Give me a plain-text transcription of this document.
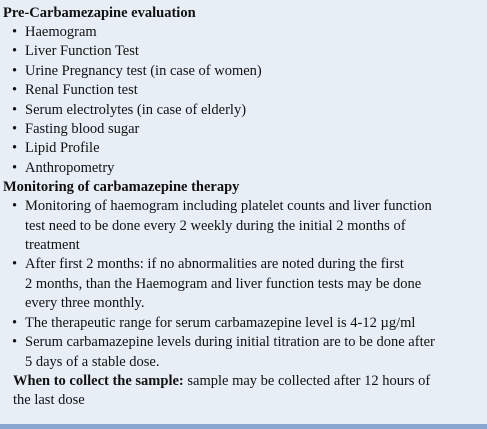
Pre-Carbamezapine evaluation
• Haemogram
• Liver Function Test
• Urine Pregnancy test (in case of women)
• Renal Function test
• Serum electrolytes (in case of elderly)
• Fasting blood sugar
• Lipid Profile
• Anthropometry
Monitoring of carbamazepine therapy
• Monitoring of haemogram including platelet counts and liver function
test need to be done every 2 weekly during the initial 2 months of
treatment
• After first 2 months: if no abnormalities are noted during the first
2 months, than the Haemogram and liver function tests may be done
every three monthly.
• The therapeutic range for serum carbamazepine level is 4-12 µg/ml
• Serum carbamazepine levels during initial titration are to be done after
5 days of a stable dose.
When to collect the sample: sample may be collected after 12 hours of
the last dose
